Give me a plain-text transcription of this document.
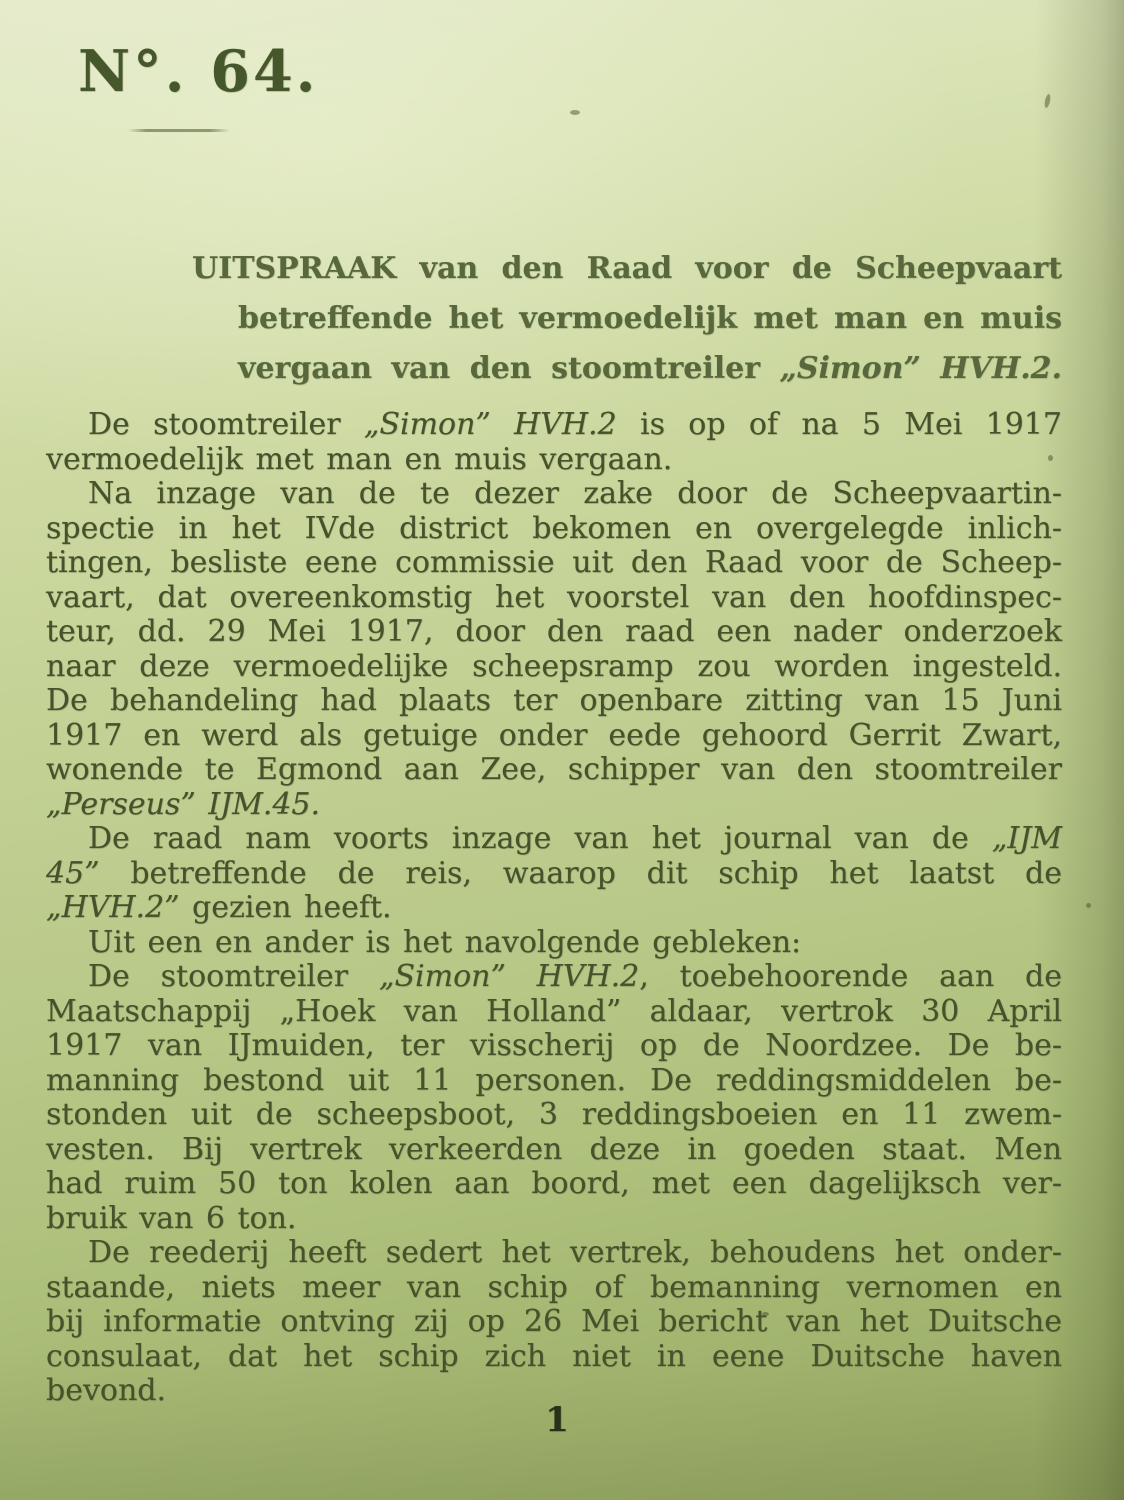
N°. 64.
UITSPRAAK van den Raad voor de Scheepvaart
betreffende het vermoedelijk met man en muis
vergaan van den stoomtreiler „Simon” HVH.2.
De stoomtreiler „Simon” HVH.2 is op of na 5 Mei 1917
vermoedelijk met man en muis vergaan.
Na inzage van de te dezer zake door de Scheepvaartin-
spectie in het IVde district bekomen en overgelegde inlich-
tingen, besliste eene commissie uit den Raad voor de Scheep-
vaart, dat overeenkomstig het voorstel van den hoofdinspec-
teur, dd. 29 Mei 1917, door den raad een nader onderzoek
naar deze vermoedelijke scheepsramp zou worden ingesteld.
De behandeling had plaats ter openbare zitting van 15 Juni
1917 en werd als getuige onder eede gehoord Gerrit Zwart,
wonende te Egmond aan Zee, schipper van den stoomtreiler
„Perseus” IJM.45.
De raad nam voorts inzage van het journal van de „IJM
45” betreffende de reis, waarop dit schip het laatst de
„HVH.2” gezien heeft.
Uit een en ander is het navolgende gebleken:
De stoomtreiler „Simon” HVH.2, toebehoorende aan de
Maatschappij „Hoek van Holland” aldaar, vertrok 30 April
1917 van IJmuiden, ter visscherij op de Noordzee. De be-
manning bestond uit 11 personen. De reddingsmiddelen be-
stonden uit de scheepsboot, 3 reddingsboeien en 11 zwem-
vesten. Bij vertrek verkeerden deze in goeden staat. Men
had ruim 50 ton kolen aan boord, met een dagelijksch ver-
bruik van 6 ton.
De reederij heeft sedert het vertrek, behoudens het onder-
staande, niets meer van schip of bemanning vernomen en
bij informatie ontving zij op 26 Mei bericht van het Duitsche
consulaat, dat het schip zich niet in eene Duitsche haven
bevond.
1
